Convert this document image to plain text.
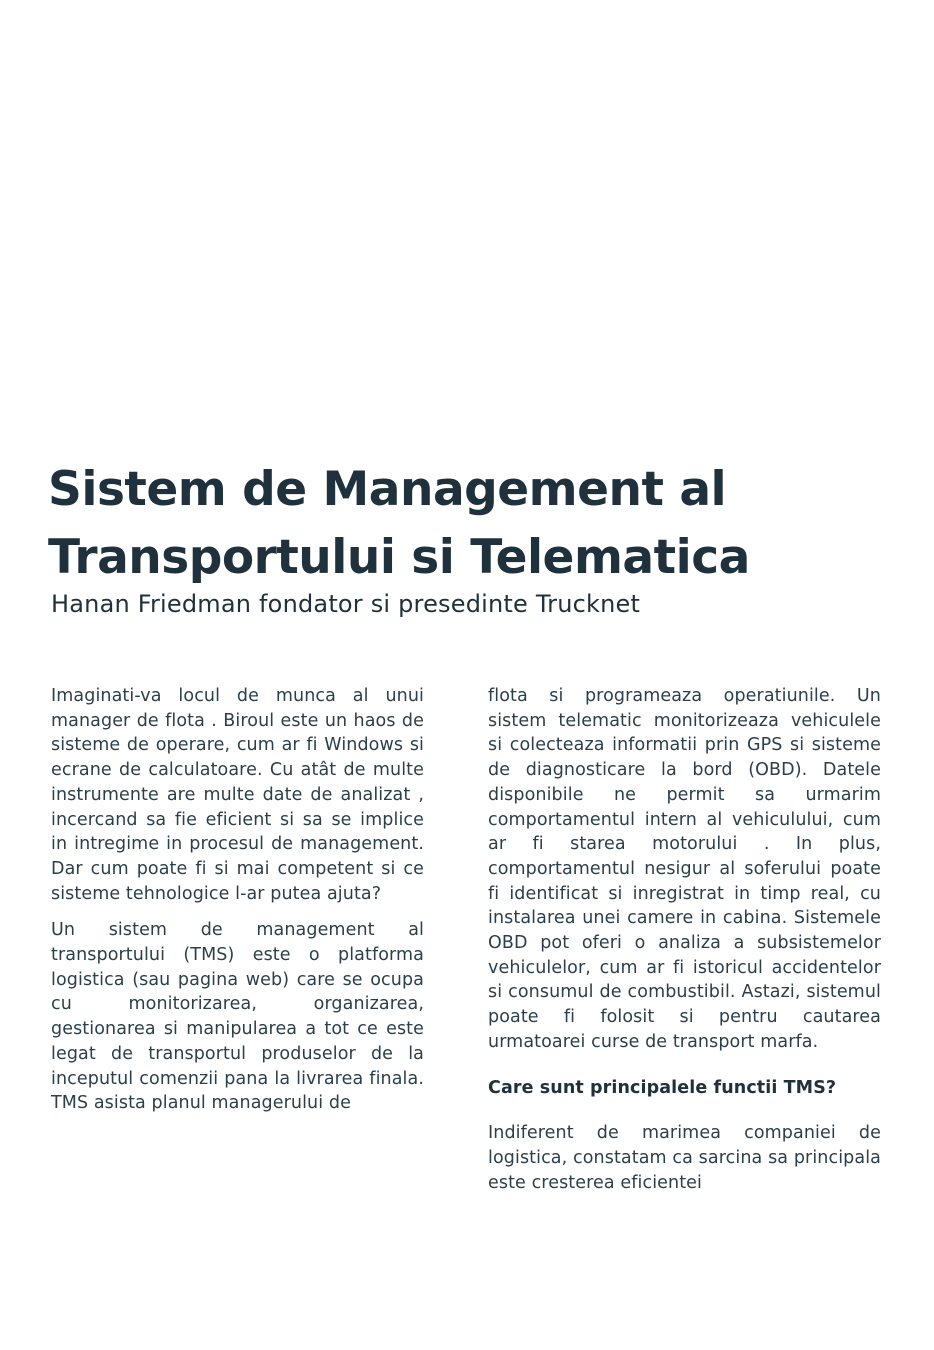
Sistem de Management al
Transportului si Telematica
Hanan Friedman fondator si presedinte Trucknet

Imaginati-va locul de munca al unui manager de flota . Biroul este un haos de sisteme de operare, cum ar fi Windows si ecrane de calculatoare. Cu atât de multe instrumente are multe date de analizat , incercand sa fie eficient si sa se implice in intregime in procesul de management. Dar cum poate fi si mai competent si ce sisteme tehnologice l-ar putea ajuta?

Un sistem de management al transportului (TMS) este o platforma logistica (sau pagina web) care se ocupa cu monitorizarea, organizarea, gestionarea si manipularea a tot ce este legat de transportul produselor de la inceputul comenzii pana la livrarea finala. TMS asista planul managerului de

flota si programeaza operatiunile. Un sistem telematic monitorizeaza vehiculele si colecteaza informatii prin GPS si sisteme de diagnosticare la bord (OBD). Datele disponibile ne permit sa urmarim comportamentul intern al vehiculului, cum ar fi starea motorului . In plus, comportamentul nesigur al soferului poate fi identificat si inregistrat in timp real, cu instalarea unei camere in cabina. Sistemele OBD pot oferi o analiza a subsistemelor vehiculelor, cum ar fi istoricul accidentelor si consumul de combustibil. Astazi, sistemul poate fi folosit si pentru cautarea urmatoarei curse de transport marfa.

Care sunt principalele functii TMS?

Indiferent de marimea companiei de logistica, constatam ca sarcina sa principala este cresterea eficientei
